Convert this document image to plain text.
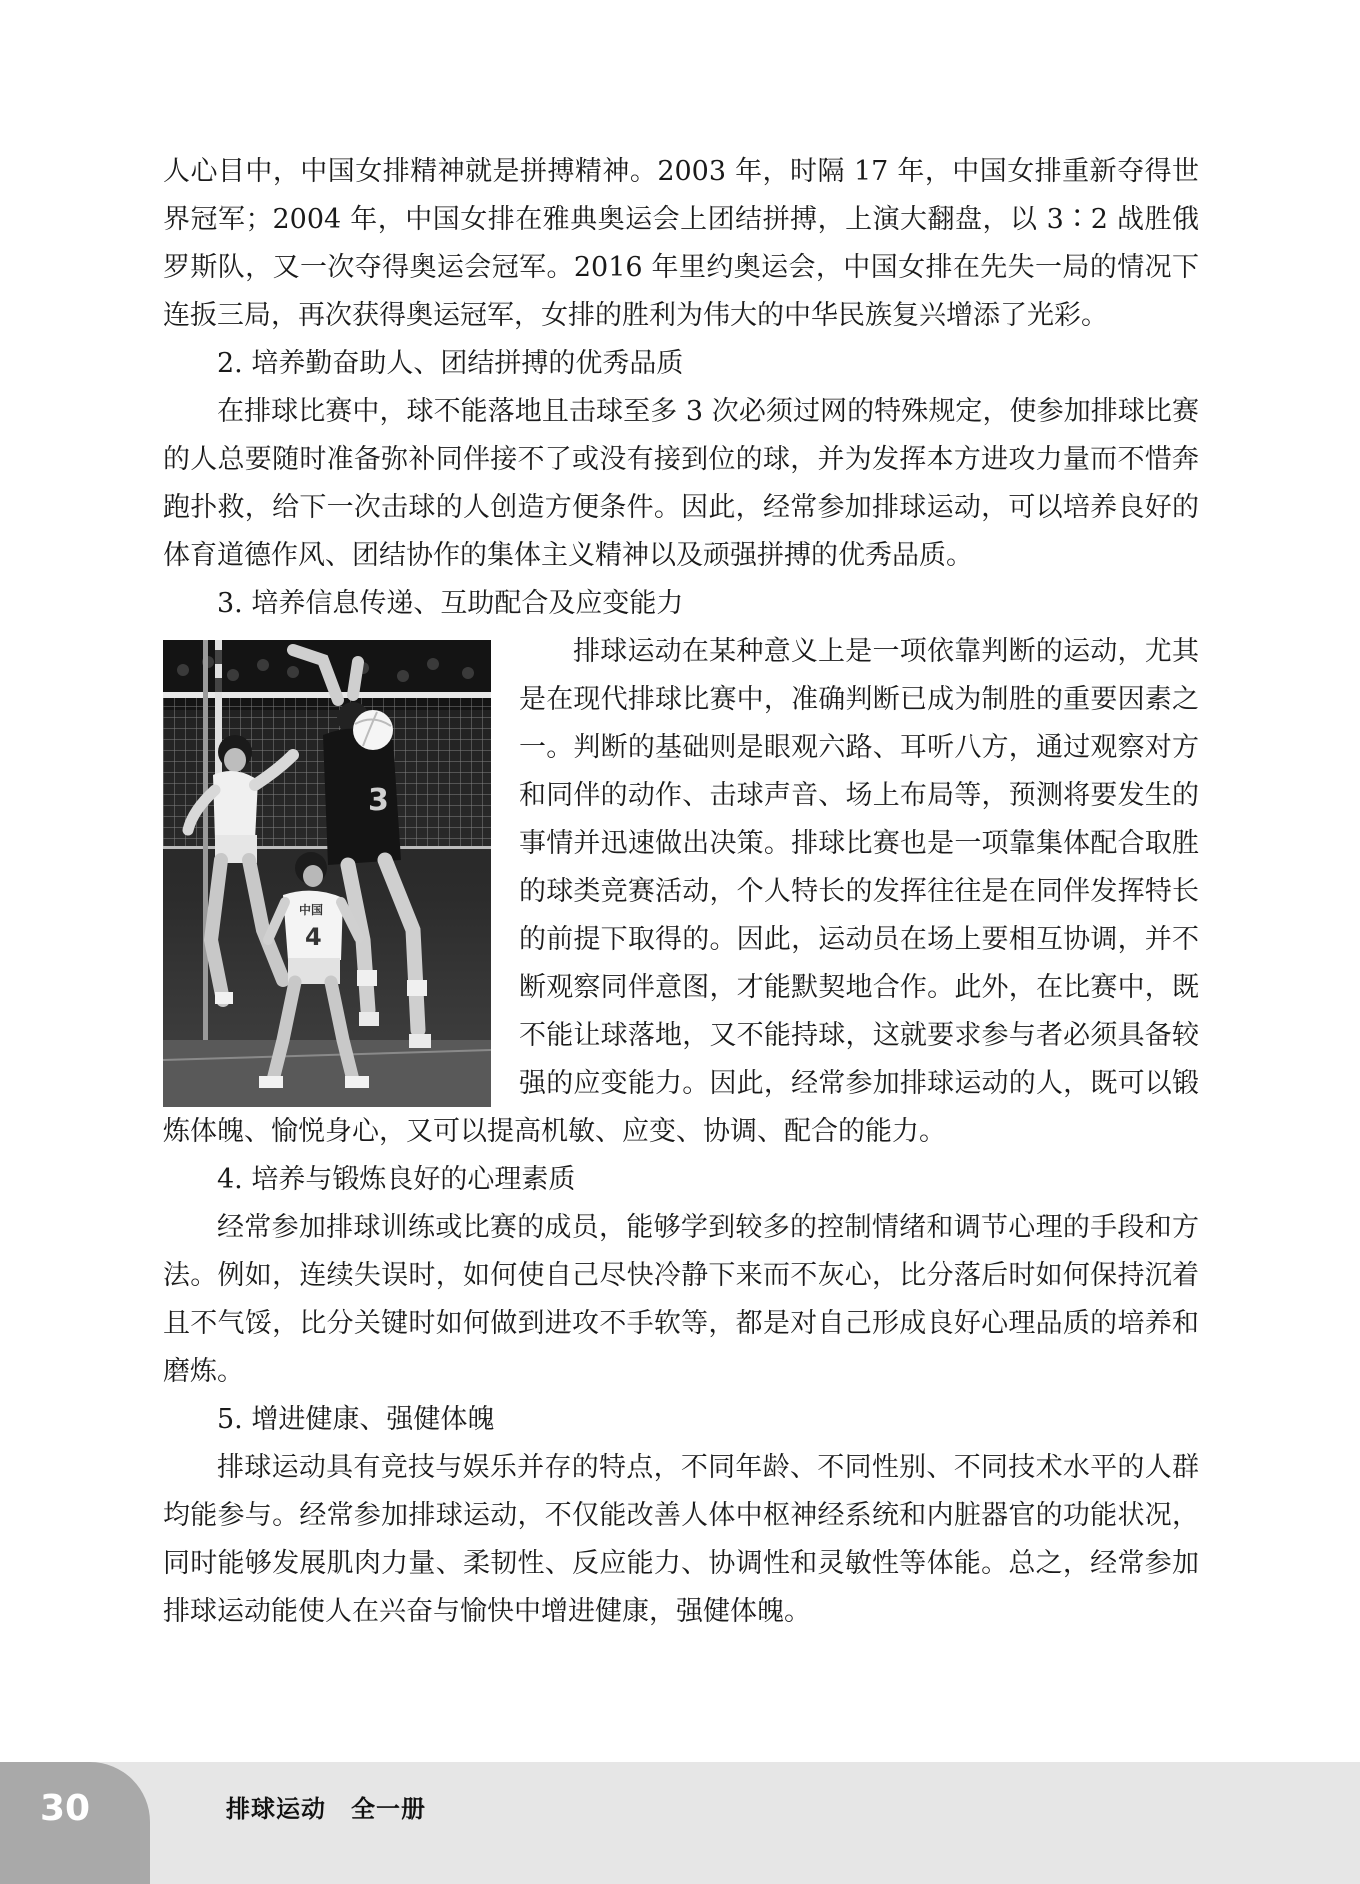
人心目中，中国女排精神就是拼搏精神。2003 年，时隔 17 年，中国女排重新夺得世界冠军；2004 年，中国女排在雅典奥运会上团结拼搏，上演大翻盘，以 3∶2 战胜俄罗斯队，又一次夺得奥运会冠军。2016 年里约奥运会，中国女排在先失一局的情况下连扳三局，再次获得奥运冠军，女排的胜利为伟大的中华民族复兴增添了光彩。

2. 培养勤奋助人、团结拼搏的优秀品质

在排球比赛中，球不能落地且击球至多 3 次必须过网的特殊规定，使参加排球比赛的人总要随时准备弥补同伴接不了或没有接到位的球，并为发挥本方进攻力量而不惜奔跑扑救，给下一次击球的人创造方便条件。因此，经常参加排球运动，可以培养良好的体育道德作风、团结协作的集体主义精神以及顽强拼搏的优秀品质。

3. 培养信息传递、互助配合及应变能力

3
中国
4

排球运动在某种意义上是一项依靠判断的运动，尤其是在现代排球比赛中，准确判断已成为制胜的重要因素之一。判断的基础则是眼观六路、耳听八方，通过观察对方和同伴的动作、击球声音、场上布局等，预测将要发生的事情并迅速做出决策。排球比赛也是一项靠集体配合取胜的球类竞赛活动，个人特长的发挥往往是在同伴发挥特长的前提下取得的。因此，运动员在场上要相互协调，并不断观察同伴意图，才能默契地合作。此外，在比赛中，既不能让球落地，又不能持球，这就要求参与者必须具备较强的应变能力。因此，经常参加排球运动的人，既可以锻炼体魄、愉悦身心，又可以提高机敏、应变、协调、配合的能力。

4. 培养与锻炼良好的心理素质

经常参加排球训练或比赛的成员，能够学到较多的控制情绪和调节心理的手段和方法。例如，连续失误时，如何使自己尽快冷静下来而不灰心，比分落后时如何保持沉着且不气馁，比分关键时如何做到进攻不手软等，都是对自己形成良好心理品质的培养和磨炼。

5. 增进健康、强健体魄

排球运动具有竞技与娱乐并存的特点，不同年龄、不同性别、不同技术水平的人群均能参与。经常参加排球运动，不仅能改善人体中枢神经系统和内脏器官的功能状况，同时能够发展肌肉力量、柔韧性、反应能力、协调性和灵敏性等体能。总之，经常参加排球运动能使人在兴奋与愉快中增进健康，强健体魄。

30	排球运动　全一册
